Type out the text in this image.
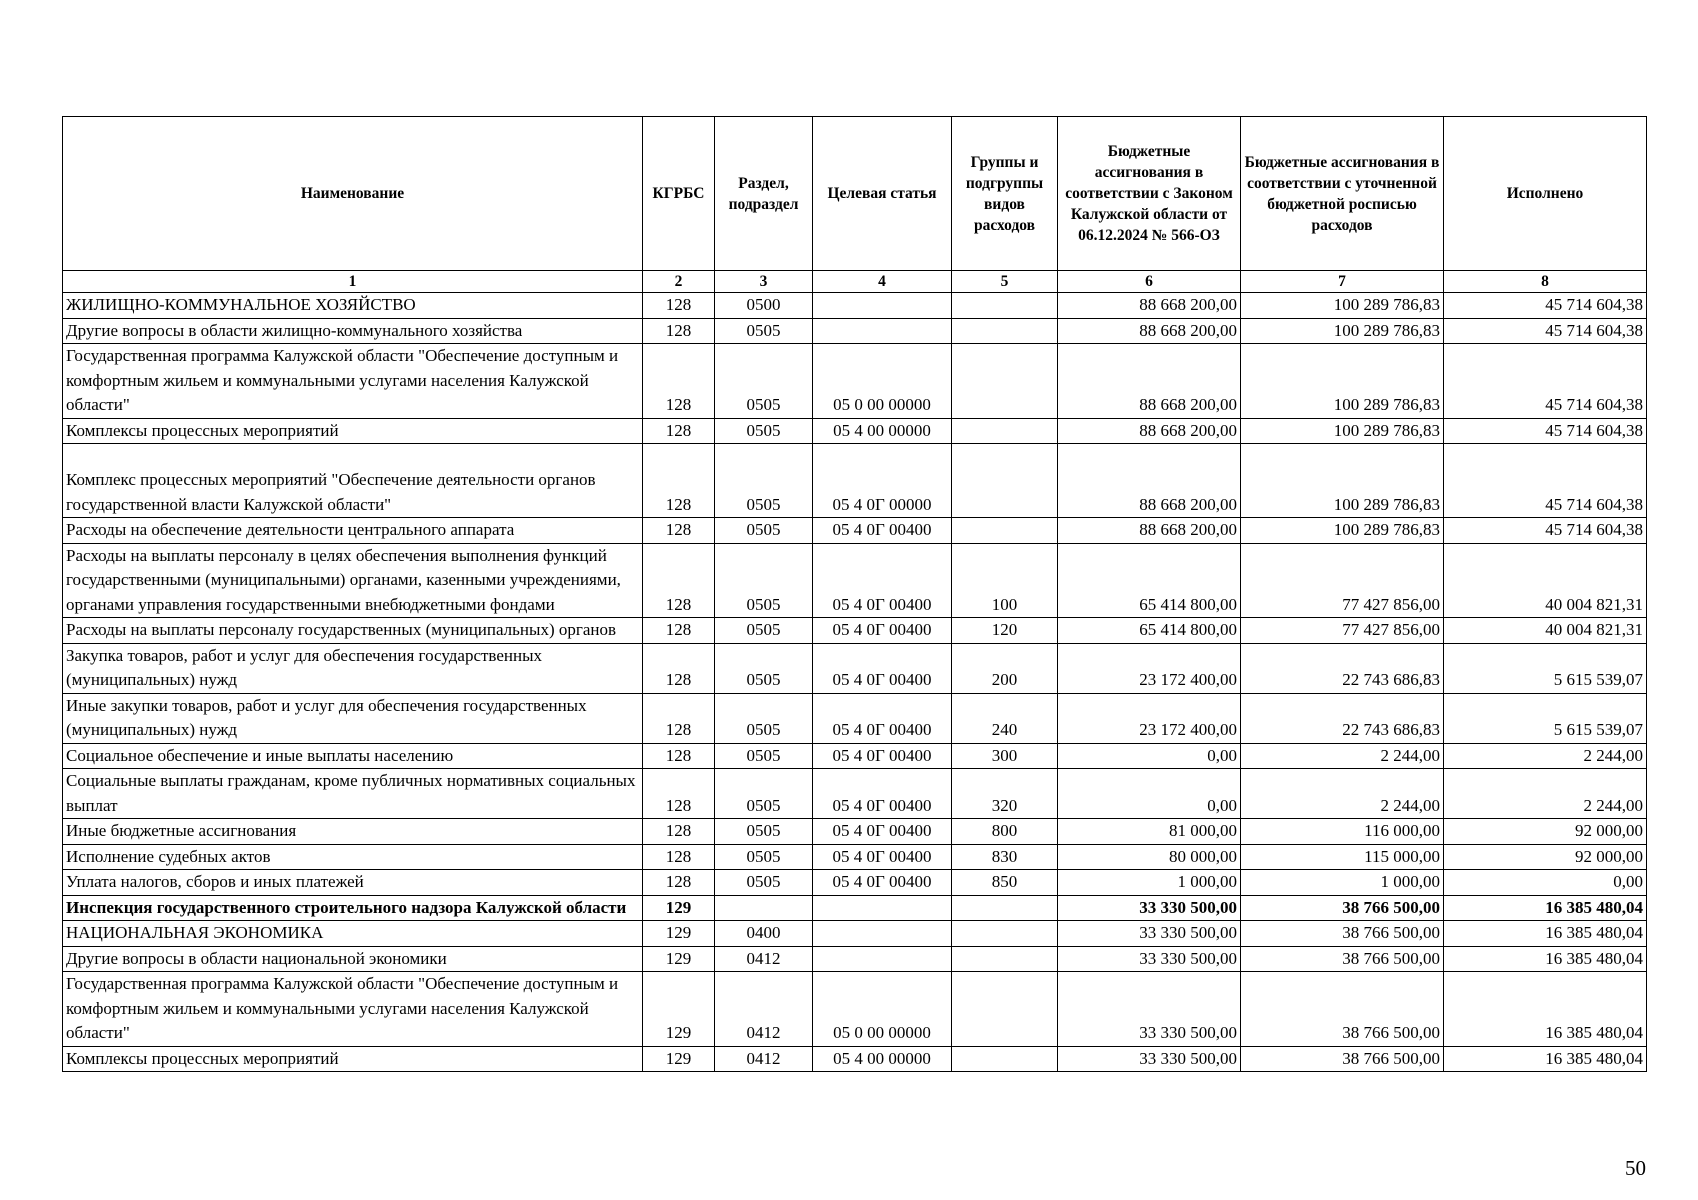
Наименование	КГРБС	Раздел, подраздел	Целевая статья	Группы и подгруппы видов расходов	Бюджетные ассигнования в соответствии с Законом Калужской области от 06.12.2024 № 566-ОЗ	Бюджетные ассигнования в соответствии с уточненной бюджетной росписью расходов	Исполнено
1	2	3	4	5	6	7	8
ЖИЛИЩНО-КОММУНАЛЬНОЕ ХОЗЯЙСТВО	128	0500			88 668 200,00	100 289 786,83	45 714 604,38
Другие вопросы в области жилищно-коммунального хозяйства	128	0505			88 668 200,00	100 289 786,83	45 714 604,38
Государственная программа Калужской области "Обеспечение доступным и комфортным жильем и коммунальными услугами населения Калужской области"	128	0505	05 0 00 00000		88 668 200,00	100 289 786,83	45 714 604,38
Комплексы процессных мероприятий	128	0505	05 4 00 00000		88 668 200,00	100 289 786,83	45 714 604,38

Комплекс процессных мероприятий "Обеспечение деятельности органов государственной власти Калужской области"	128	0505	05 4 0Г 00000		88 668 200,00	100 289 786,83	45 714 604,38
Расходы на обеспечение деятельности центрального аппарата	128	0505	05 4 0Г 00400		88 668 200,00	100 289 786,83	45 714 604,38
Расходы на выплаты персоналу в целях обеспечения выполнения функций государственными (муниципальными) органами, казенными учреждениями, органами управления государственными внебюджетными фондами	128	0505	05 4 0Г 00400	100	65 414 800,00	77 427 856,00	40 004 821,31
Расходы на выплаты персоналу государственных (муниципальных) органов	128	0505	05 4 0Г 00400	120	65 414 800,00	77 427 856,00	40 004 821,31
Закупка товаров, работ и услуг для обеспечения государственных (муниципальных) нужд	128	0505	05 4 0Г 00400	200	23 172 400,00	22 743 686,83	5 615 539,07
Иные закупки товаров, работ и услуг для обеспечения государственных (муниципальных) нужд	128	0505	05 4 0Г 00400	240	23 172 400,00	22 743 686,83	5 615 539,07
Социальное обеспечение и иные выплаты населению	128	0505	05 4 0Г 00400	300	0,00	2 244,00	2 244,00
Социальные выплаты гражданам, кроме публичных нормативных социальных выплат	128	0505	05 4 0Г 00400	320	0,00	2 244,00	2 244,00
Иные бюджетные ассигнования	128	0505	05 4 0Г 00400	800	81 000,00	116 000,00	92 000,00
Исполнение судебных актов	128	0505	05 4 0Г 00400	830	80 000,00	115 000,00	92 000,00
Уплата налогов, сборов и иных платежей	128	0505	05 4 0Г 00400	850	1 000,00	1 000,00	0,00
Инспекция государственного строительного надзора Калужской области	129				33 330 500,00	38 766 500,00	16 385 480,04
НАЦИОНАЛЬНАЯ ЭКОНОМИКА	129	0400			33 330 500,00	38 766 500,00	16 385 480,04
Другие вопросы в области национальной экономики	129	0412			33 330 500,00	38 766 500,00	16 385 480,04
Государственная программа Калужской области "Обеспечение доступным и комфортным жильем и коммунальными услугами населения Калужской области"	129	0412	05 0 00 00000		33 330 500,00	38 766 500,00	16 385 480,04
Комплексы процессных мероприятий	129	0412	05 4 00 00000		33 330 500,00	38 766 500,00	16 385 480,04
50
